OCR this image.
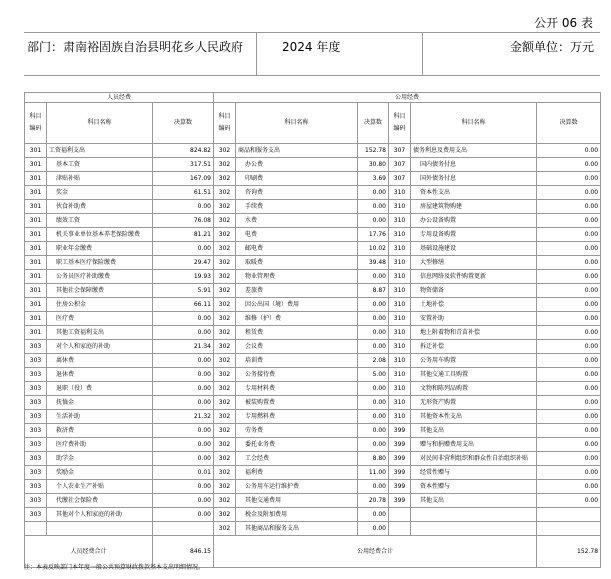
公开 06 表
部门：肃南裕固族自治县明花乡人民政府	2024 年度	金额单位：万元
人员经费			公用经费					
科目编码	科目名称	决算数	科目编码	科目名称	决算数	科目编码	科目名称	决算数
301	工资福利支出	824.82	302	商品和服务支出	152.78	307	债务利息及费用支出	0.00
301	基本工资	317.51	302	办公费	30.80	307	国内债务付息	0.00
301	津贴补贴	167.09	302	印刷费	3.69	307	国外债务付息	0.00
301	奖金	61.51	302	咨询费	0.00	310	资本性支出	0.00
301	伙食补助费	0.00	302	手续费	0.00	310	房屋建筑物购建	0.00
301	绩效工资	76.08	302	水费	0.00	310	办公设备购置	0.00
301	机关事业单位基本养老保险缴费	81.21	302	电费	17.76	310	专用设备购置	0.00
301	职业年金缴费	0.00	302	邮电费	10.02	310	基础设施建设	0.00
301	职工基本医疗保险缴费	29.47	302	取暖费	39.48	310	大型修缮	0.00
301	公务员医疗补助缴费	19.93	302	物业管理费	0.00	310	信息网络及软件购置更新	0.00
301	其他社会保障缴费	5.91	302	差旅费	8.87	310	物资储备	0.00
301	住房公积金	66.11	302	因公出国（境）费用	0.00	310	土地补偿	0.00
301	医疗费	0.00	302	维修（护）费	0.00	310	安置补助	0.00
301	其他工资福利支出	0.00	302	租赁费	0.00	310	地上附着物和青苗补偿	0.00
303	对个人和家庭的补助	21.34	302	会议费	0.00	310	拆迁补偿	0.00
303	离休费	0.00	302	培训费	2.08	310	公务用车购置	0.00
303	退休费	0.00	302	公务接待费	5.00	310	其他交通工具购置	0.00
303	退职（役）费	0.00	302	专用材料费	0.00	310	文物和陈列品购置	0.00
303	抚恤金	0.00	302	被装购置费	0.00	310	无形资产购置	0.00
303	生活补助	21.32	302	专用燃料费	0.00	310	其他资本性支出	0.00
303	救济费	0.00	302	劳务费	0.00	399	其他支出	0.00
303	医疗费补助	0.00	302	委托业务费	0.00	399	赠与和捐赠费用支出	0.00
303	助学金	0.00	302	工会经费	8.80	399	对民间非营利组织和群众性自治组织补贴	0.00
303	奖励金	0.01	302	福利费	11.00	399	经常性赠与	0.00
303	个人农业生产补贴	0.00	302	公务用车运行维护费	0.00	399	资本性赠与	0.00
303	代缴社会保险费	0.00	302	其他交通费用	20.78	399	其他支出	0.00
303	其他对个人和家庭的补助	0.00	302	税金及附加费用	0.00			
			302	其他商品和服务支出	0.00			
人员经费合计		846.15	公用经费合计					152.78
注：本表反映部门本年度一般公共预算财政拨款基本支出明细情况。
